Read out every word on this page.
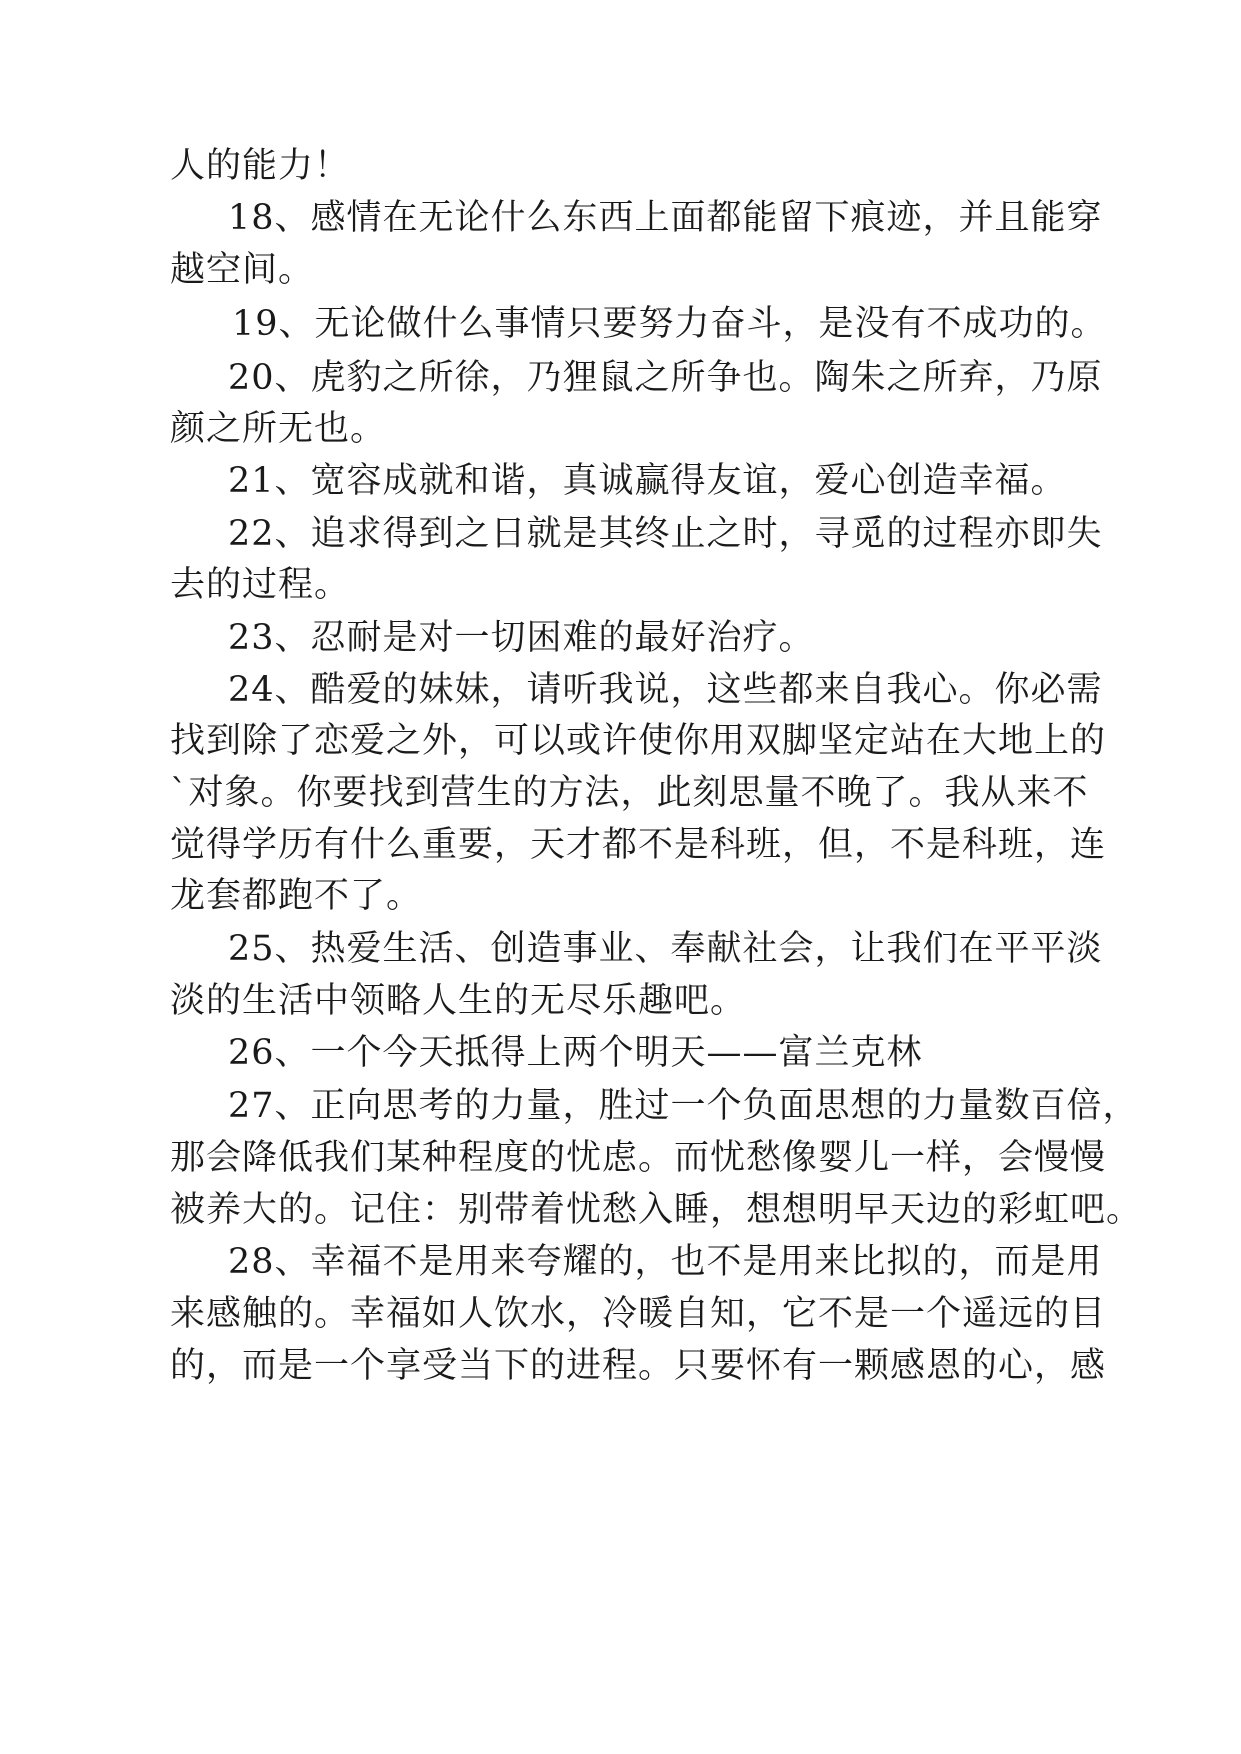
人的能力！
18、感情在无论什么东西上面都能留下痕迹，并且能穿
越空间。
19、无论做什么事情只要努力奋斗，是没有不成功的。
20、虎豹之所徐，乃狸鼠之所争也。陶朱之所弃，乃原
颜之所无也。
21、宽容成就和谐，真诚赢得友谊，爱心创造幸福。
22、追求得到之日就是其终止之时，寻觅的过程亦即失
去的过程。
23、忍耐是对一切困难的最好治疗。
24、酷爱的妹妹，请听我说，这些都来自我心。你必需
找到除了恋爱之外，可以或许使你用双脚坚定站在大地上的
`对象。你要找到营生的方法，此刻思量不晚了。我从来不
觉得学历有什么重要，天才都不是科班，但，不是科班，连
龙套都跑不了。
25、热爱生活、创造事业、奉献社会，让我们在平平淡
淡的生活中领略人生的无尽乐趣吧。
26、一个今天抵得上两个明天——富兰克林
27、正向思考的力量，胜过一个负面思想的力量数百倍，
那会降低我们某种程度的忧虑。而忧愁像婴儿一样，会慢慢
被养大的。记住：别带着忧愁入睡，想想明早天边的彩虹吧。
28、幸福不是用来夸耀的，也不是用来比拟的，而是用
来感触的。幸福如人饮水，冷暖自知，它不是一个遥远的目
的，而是一个享受当下的进程。只要怀有一颗感恩的心，感
